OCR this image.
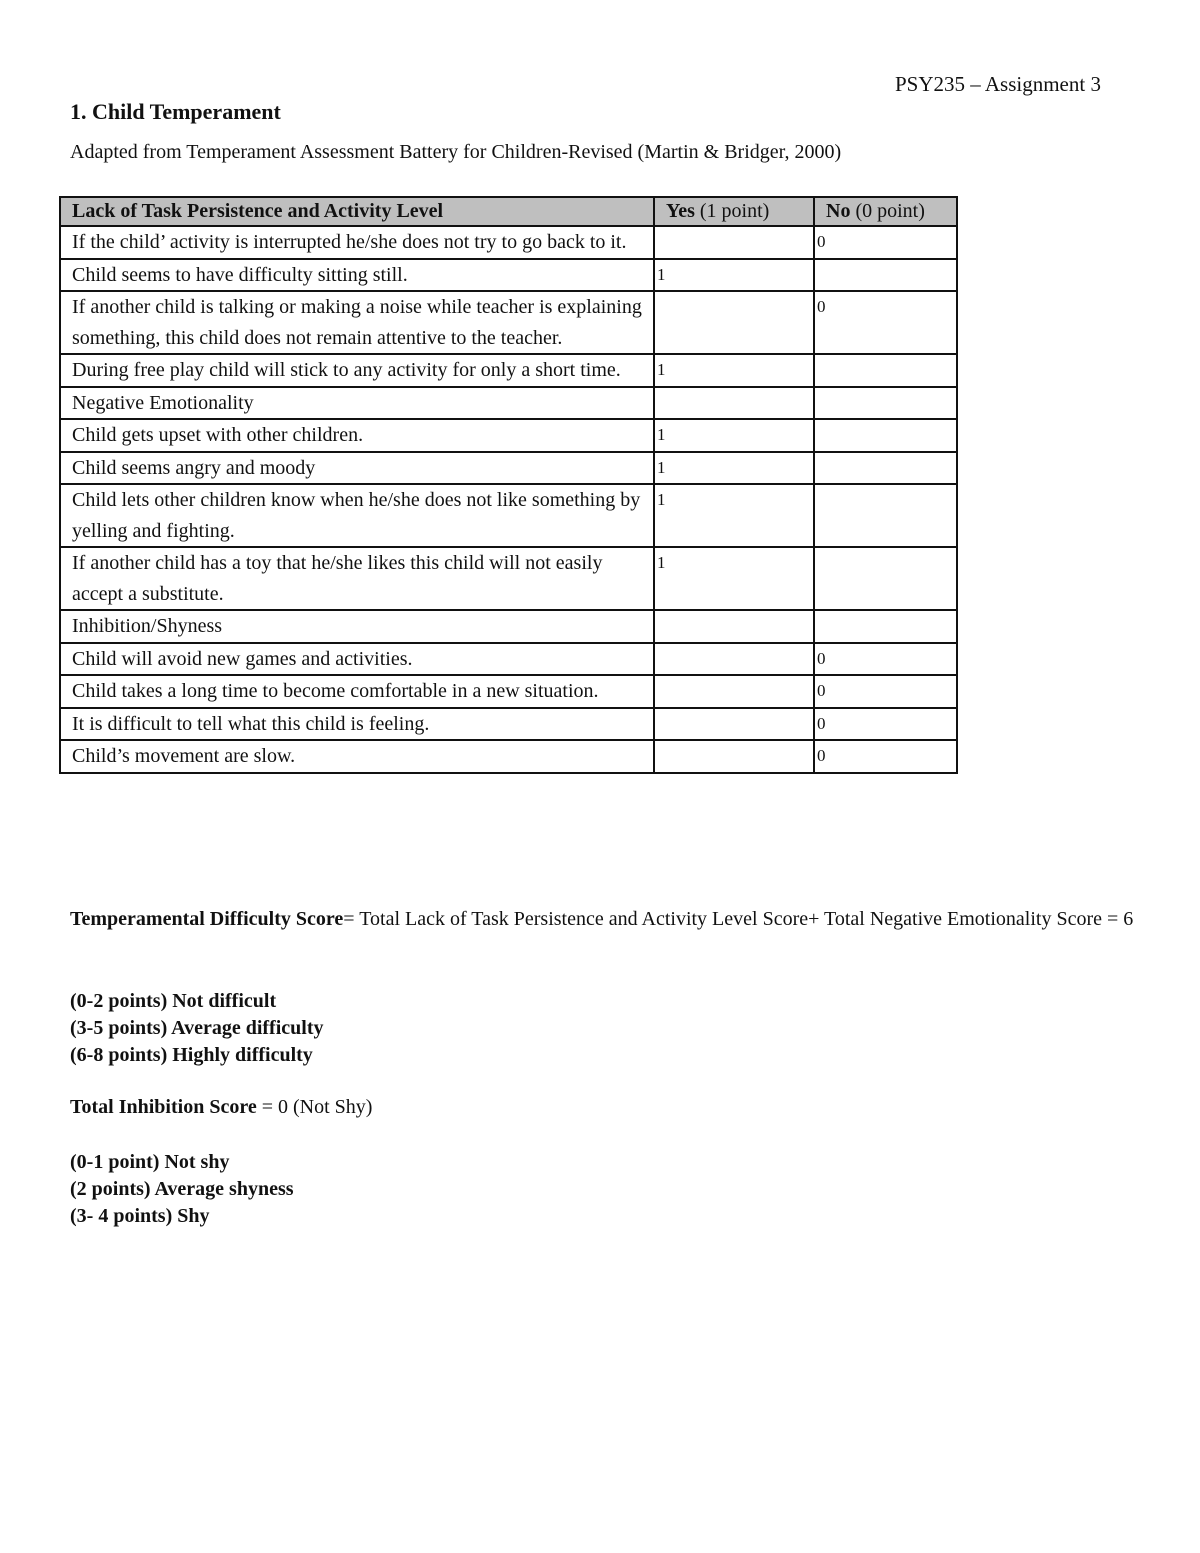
PSY235 – Assignment 3
1. Child Temperament
Adapted from Temperament Assessment Battery for Children-Revised (Martin & Bridger, 2000)
Lack of Task Persistence and Activity Level	Yes (1 point)	No (0 point)
If the child’ activity is interrupted he/she does not try to go back to it.		0
Child seems to have difficulty sitting still.	1	
If another child is talking or making a noise while teacher is explaining something, this child does not remain attentive to the teacher.		0
During free play child will stick to any activity for only a short time.	1	
Negative Emotionality		
Child gets upset with other children.	1	
Child seems angry and moody	1	
Child lets other children know when he/she does not like something by yelling and fighting.	1	
If another child has a toy that he/she likes this child will not easily accept a substitute.	1	
Inhibition/Shyness		
Child will avoid new games and activities.		0
Child takes a long time to become comfortable in a new situation.		0
It is difficult to tell what this child is feeling.		0
Child’s movement are slow.		0
Temperamental Difficulty Score= Total Lack of Task Persistence and Activity Level Score+ Total Negative Emotionality Score = 6
(0-2 points) Not difficult
(3-5 points) Average difficulty
(6-8 points) Highly difficulty
Total Inhibition Score = 0 (Not Shy)
(0-1 point) Not shy
(2 points) Average shyness
(3- 4 points) Shy
